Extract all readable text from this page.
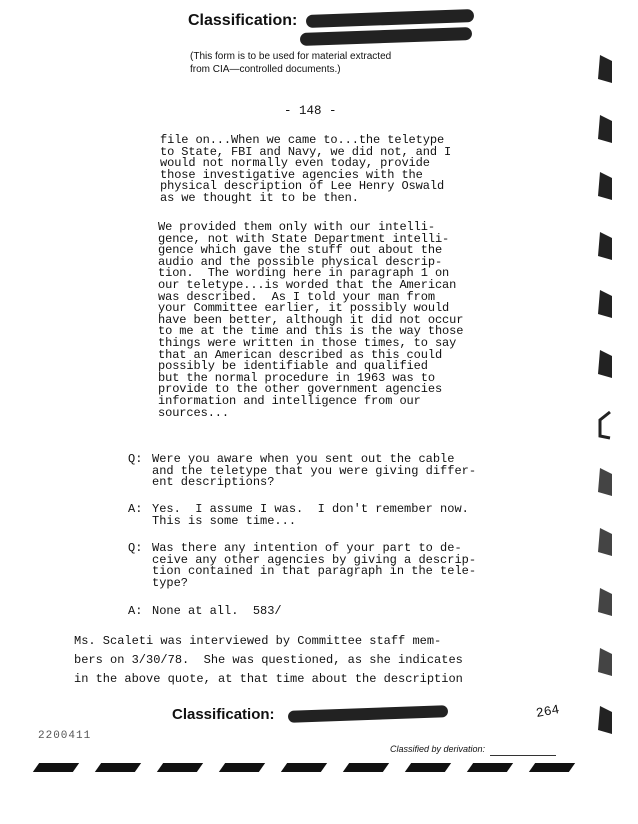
Classification:
(This form is to be used for material extracted
from CIA—controlled documents.)
- 148 -
file on...When we came to...the teletype
to State, FBI and Navy, we did not, and I
would not normally even today, provide
those investigative agencies with the
physical description of Lee Henry Oswald
as we thought it to be then.
We provided them only with our intelli-
gence, not with State Department intelli-
gence which gave the stuff out about the
audio and the possible physical descrip-
tion.  The wording here in paragraph 1 on
our teletype...is worded that the American
was described.  As I told your man from
your Committee earlier, it possibly would
have been better, although it did not occur
to me at the time and this is the way those
things were written in those times, to say
that an American described as this could
possibly be identifiable and qualified
but the normal procedure in 1963 was to
provide to the other government agencies
information and intelligence from our
sources...
Q: Were you aware when you sent out the cable
and the teletype that you were giving differ-
ent descriptions?
A: Yes.  I assume I was.  I don't remember now.
This is some time...
Q: Was there any intention of your part to de-
ceive any other agencies by giving a descrip-
tion contained in that paragraph in the tele-
type?
A: None at all.  583/
Ms. Scaleti was interviewed by Committee staff mem-
bers on 3/30/78.  She was questioned, as she indicates
in the above quote, at that time about the description
Classification:
2200411
264
Classified by derivation:
